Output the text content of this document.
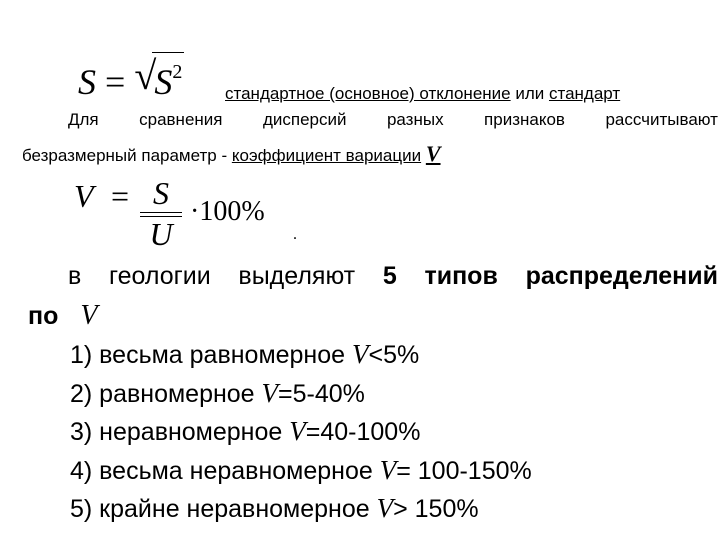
S = √
$S^2$
стандартное (основное) отклонение или стандарт
Для сравнения дисперсий разных признаков рассчитывают
безразмерный параметр - коэффициент вариации V
V = S
U
·100%
.
в геологии выделяют 5 типов распределений
по V
1) весьма равномерное V<5%
2) равномерное V=5-40%
3) неравномерное V=40-100%
4) весьма неравномерное V= 100-150%
5) крайне неравномерное V> 150%
